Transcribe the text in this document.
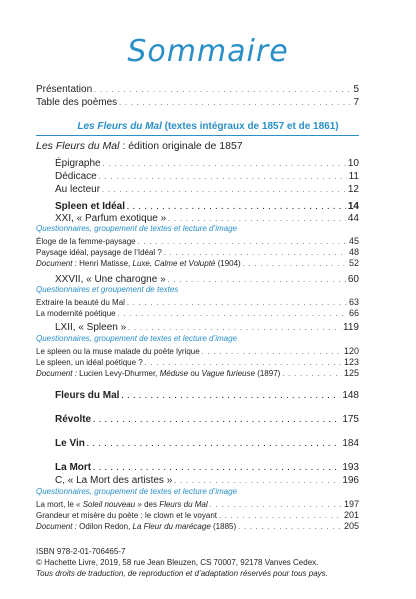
Sommaire
Présentation . . .	5
Table des poèmes . . .	7
Les Fleurs du Mal (textes intégraux de 1857 et de 1861)
Les Fleurs du Mal : édition originale de 1857
Épigraphe . . .	10
Dédicace . . .	11
Au lecteur . . .	12
Spleen et Idéal . . .	14
XXI, « Parfum exotique » . . .	44
Questionnaires, groupement de textes et lecture d’image
Éloge de la femme-paysage . . .	45
Paysage idéal, paysage de l’Idéal ? . . .	48
Document : Henri Matisse, Luxe, Calme et Volupté (1904) . . .	52
XXVII, « Une charogne » . . .	60
Questionnaires et groupement de textes
Extraire la beauté du Mal . . .	63
La modernité poétique . . .	66
LXII, « Spleen » . . .	119
Questionnaires, groupement de textes et lecture d’image
Le spleen ou la muse malade du poète lyrique . . .	120
Le spleen, un idéal poétique ? . . .	123
Document : Lucien Levy-Dhurmer, Méduse ou Vague furieuse (1897) . . .	125
Fleurs du Mal . . .	148
Révolte . . .	175
Le Vin . . .	184
La Mort . . .	193
C, « La Mort des artistes » . . .	196
Questionnaires, groupement de textes et lecture d’image
La mort, le « Soleil nouveau » des Fleurs du Mal . . .	197
Grandeur et misère du poète : le clown et le voyant . . .	201
Document : Odilon Redon, La Fleur du marécage (1885) . . .	205
ISBN 978-2-01-706465-7
© Hachette Livre, 2019, 58 rue Jean Bleuzen, CS 70007, 92178 Vanves Cedex.
Tous droits de traduction, de reproduction et d’adaptation réservés pour tous pays.
